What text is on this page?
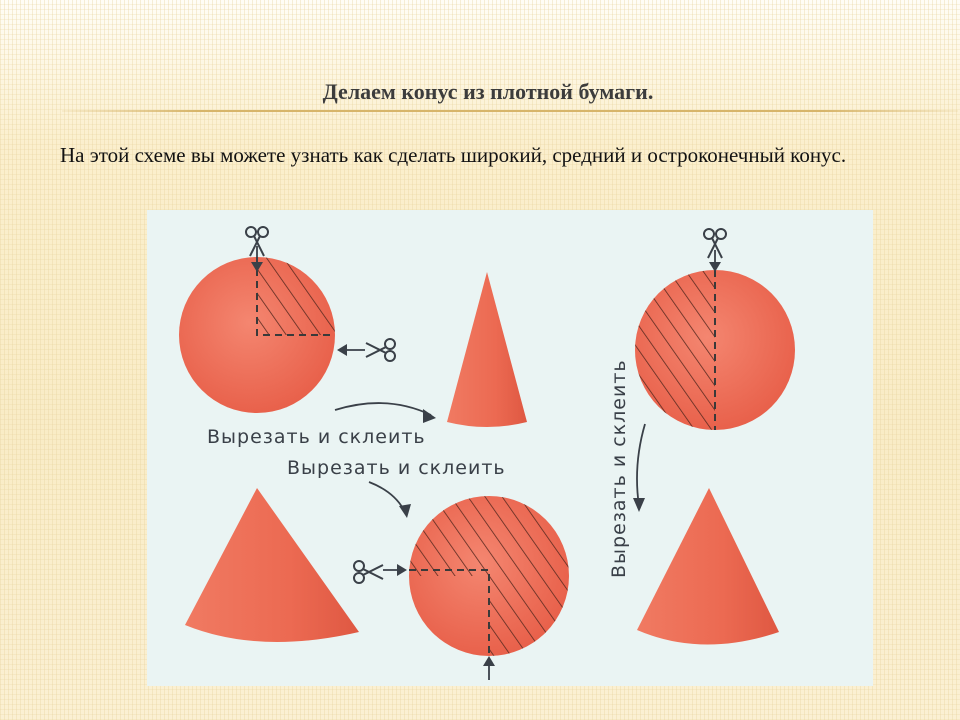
Делаем конус из плотной бумаги.

На этой схеме вы можете узнать как сделать широкий, средний и остроконечный конус.

Вырезать и склеить
Вырезать и склеить	Вырезать и склеить
